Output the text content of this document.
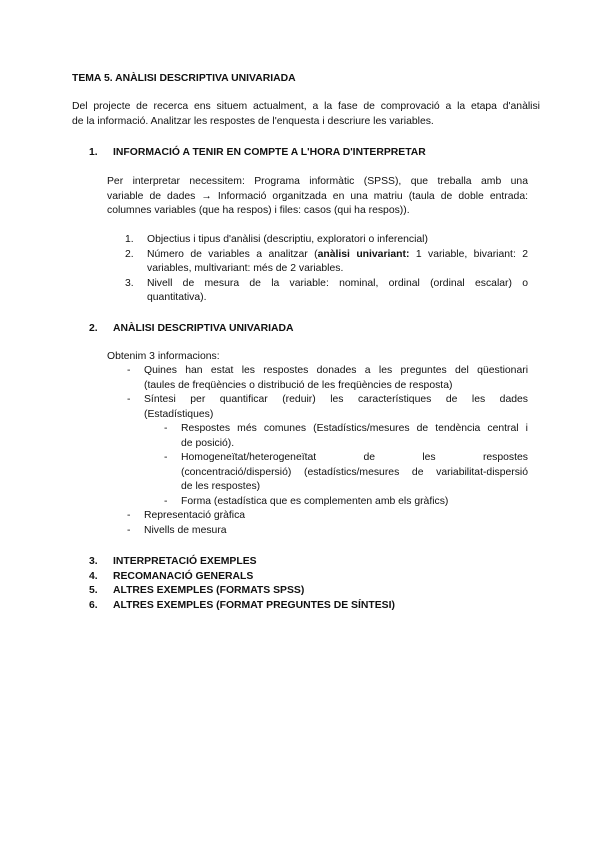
TEMA 5. ANÀLISI DESCRIPTIVA UNIVARIADA
Del projecte de recerca ens situem actualment, a la fase de comprovació a la etapa d'anàlisi
de la informació. Analitzar les respostes de l'enquesta i descriure les variables.
1. INFORMACIÓ A TENIR EN COMPTE A L'HORA D'INTERPRETAR
Per interpretar necessitem: Programa informàtic (SPSS), que treballa amb una
variable de dades → Informació organitzada en una matriu (taula de doble entrada:
columnes variables (que ha respos) i files: casos (qui ha respos)).
1. Objectius i tipus d'anàlisi (descriptiu, exploratori o inferencial)
2. Número de variables a analitzar (anàlisi univariant: 1 variable, bivariant: 2
variables, multivariant: més de 2 variables.
3. Nivell de mesura de la variable: nominal, ordinal (ordinal escalar) o
quantitativa).
2. ANÀLISI DESCRIPTIVA UNIVARIADA
Obtenim 3 informacions:
- Quines han estat les respostes donades a les preguntes del qüestionari
(taules de freqüències o distribució de les freqüències de resposta)
- Síntesi per quantificar (reduir) les característiques de les dades
(Estadístiques)
- Respostes més comunes (Estadístics/mesures de tendència central i
de posició).
- Homogeneïtat/heterogeneïtat de les respostes
(concentració/dispersió) (estadístics/mesures de variabilitat-dispersió
de les respostes)
- Forma (estadística que es complementen amb els gràfics)
- Representació gràfica
- Nivells de mesura
3. INTERPRETACIÓ EXEMPLES
4. RECOMANACIÓ GENERALS
5. ALTRES EXEMPLES (FORMATS SPSS)
6. ALTRES EXEMPLES (FORMAT PREGUNTES DE SÍNTESI)
